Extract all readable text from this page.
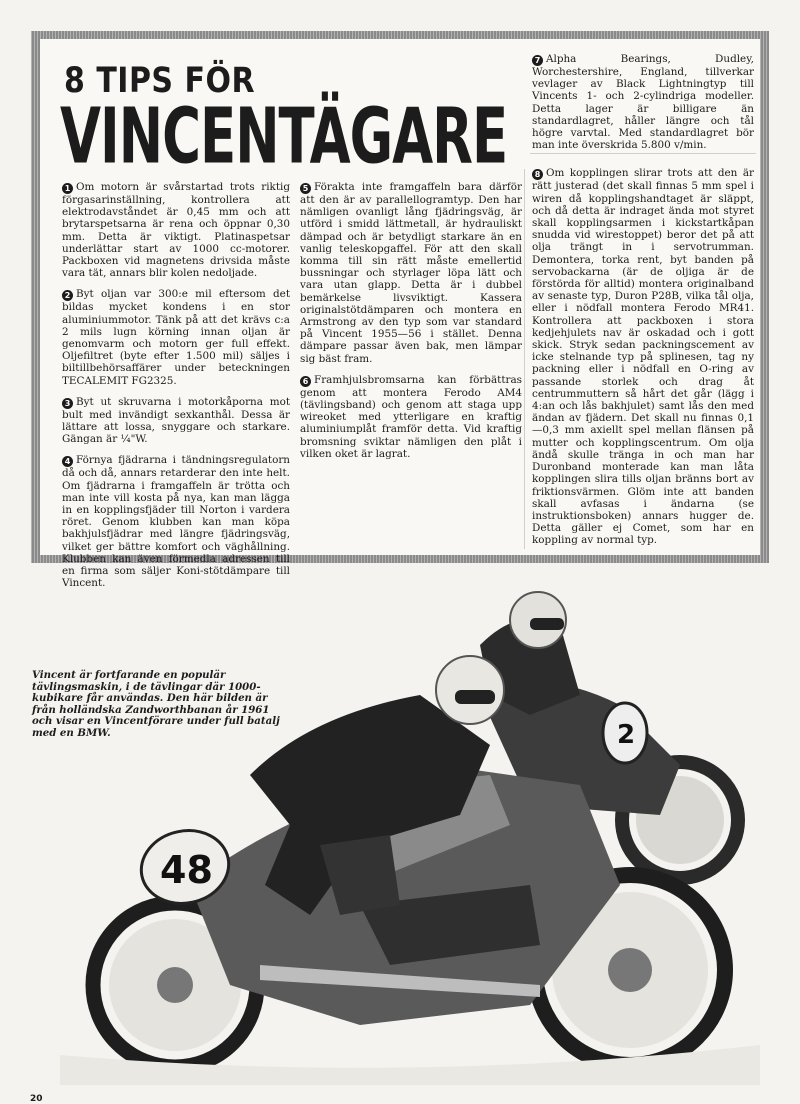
8 TIPS FÖR
VINCENTÄGARE

1 Om motorn är svårstartad trots riktig förgasarinställning, kontrollera att elektrodavståndet är 0,45 mm och att brytarspetsarna är rena och öppnar 0,30 mm. Detta är viktigt. Platinaspetsar underlättar start av 1000 cc-motorer. Packboxen vid magnetens drivsida måste vara tät, annars blir kolen nedoljade.

2 Byt oljan var 300:e mil eftersom det bildas mycket kondens i en stor aluminiummotor. Tänk på att det krävs c:a 2 mils lugn körning innan oljan är genomvarm och motorn ger full effekt. Oljefiltret (byte efter 1.500 mil) säljes i biltillbehörsaffärer under beteckningen TECALEMIT FG2325.

3 Byt ut skruvarna i motorkåporna mot bult med invändigt sexkanthål. Dessa är lättare att lossa, snyggare och starkare. Gängan är ¼"W.

4 Förnya fjädrarna i tändningsregulatorn då och då, annars retarderar den inte helt. Om fjädrarna i framgaffeln är trötta och man inte vill kosta på nya, kan man lägga in en kopplingsfjäder till Norton i vardera röret. Genom klubben kan man köpa bakhjulsfjädrar med längre fjädringsväg, vilket ger bättre komfort och väghållning. Klubben kan även förmedla adressen till en firma som säljer Koni-stötdämpare till Vincent.

5 Förakta inte framgaffeln bara därför att den är av parallellogramtyp. Den har nämligen ovanligt lång fjädringsväg, är utförd i smidd lättmetall, är hydrauliskt dämpad och är betydligt starkare än en vanlig teleskopgaffel. För att den skall komma till sin rätt måste emellertid bussningar och styrlager löpa lätt och vara utan glapp. Detta är i dubbel bemärkelse livsviktigt. Kassera originalstötdämparen och montera en Armstrong av den typ som var standard på Vincent 1955—56 i stället. Denna dämpare passar även bak, men lämpar sig bäst fram.

6 Framhjulsbromsarna kan förbättras genom att montera Ferodo AM4 (tävlingsband) och genom att staga upp wireoket med ytterligare en kraftig aluminiumplåt framför detta. Vid kraftig bromsning sviktar nämligen den plåt i vilken oket är lagrat.

7 Alpha Bearings, Dudley, Worchestershire, England, tillverkar vevlager av Black Lightningtyp till Vincents 1- och 2-cylindriga modeller. Detta lager är billigare än standardlagret, håller längre och tål högre varvtal. Med standardlagret bör man inte överskrida 5.800 v/min.

8 Om kopplingen slirar trots att den är rätt justerad (det skall finnas 5 mm spel i wiren då kopplingshandtaget är släppt, och då detta är indraget ända mot styret skall kopplingsarmen i kickstartkåpan snudda vid wirestoppet) beror det på att olja trängt in i servotrumman. Demontera, torka rent, byt banden på servobackarna (är de oljiga är de förstörda för alltid) montera originalband av senaste typ, Duron P28B, vilka tål olja, eller i nödfall montera Ferodo MR41. Kontrollera att packboxen i stora kedjehjulets nav är oskadad och i gott skick. Stryk sedan packningscement av icke stelnande typ på splinesen, tag ny packning eller i nödfall en O-ring av passande storlek och drag åt centrummuttern så hårt det går (lägg i 4:an och lås bakhjulet) samt lås den med ändan av fjädern. Det skall nu finnas 0,1—0,3 mm axiellt spel mellan flänsen på mutter och kopplingscentrum. Om olja ändå skulle tränga in och man har Duronband monterade kan man låta kopplingen slira tills oljan bränns bort av friktionsvärmen. Glöm inte att banden skall avfasas i ändarna (se instruktionsboken) annars hugger de. Detta gäller ej Comet, som har en koppling av normal typ.

Vincent är fortfarande en populär tävlingsmaskin, i de tävlingar där 1000-kubikare får användas. Den här bilden är från holländska Zandworthbanan år 1961 och visar en Vincentförare under full batalj med en BMW.	2
48
20
